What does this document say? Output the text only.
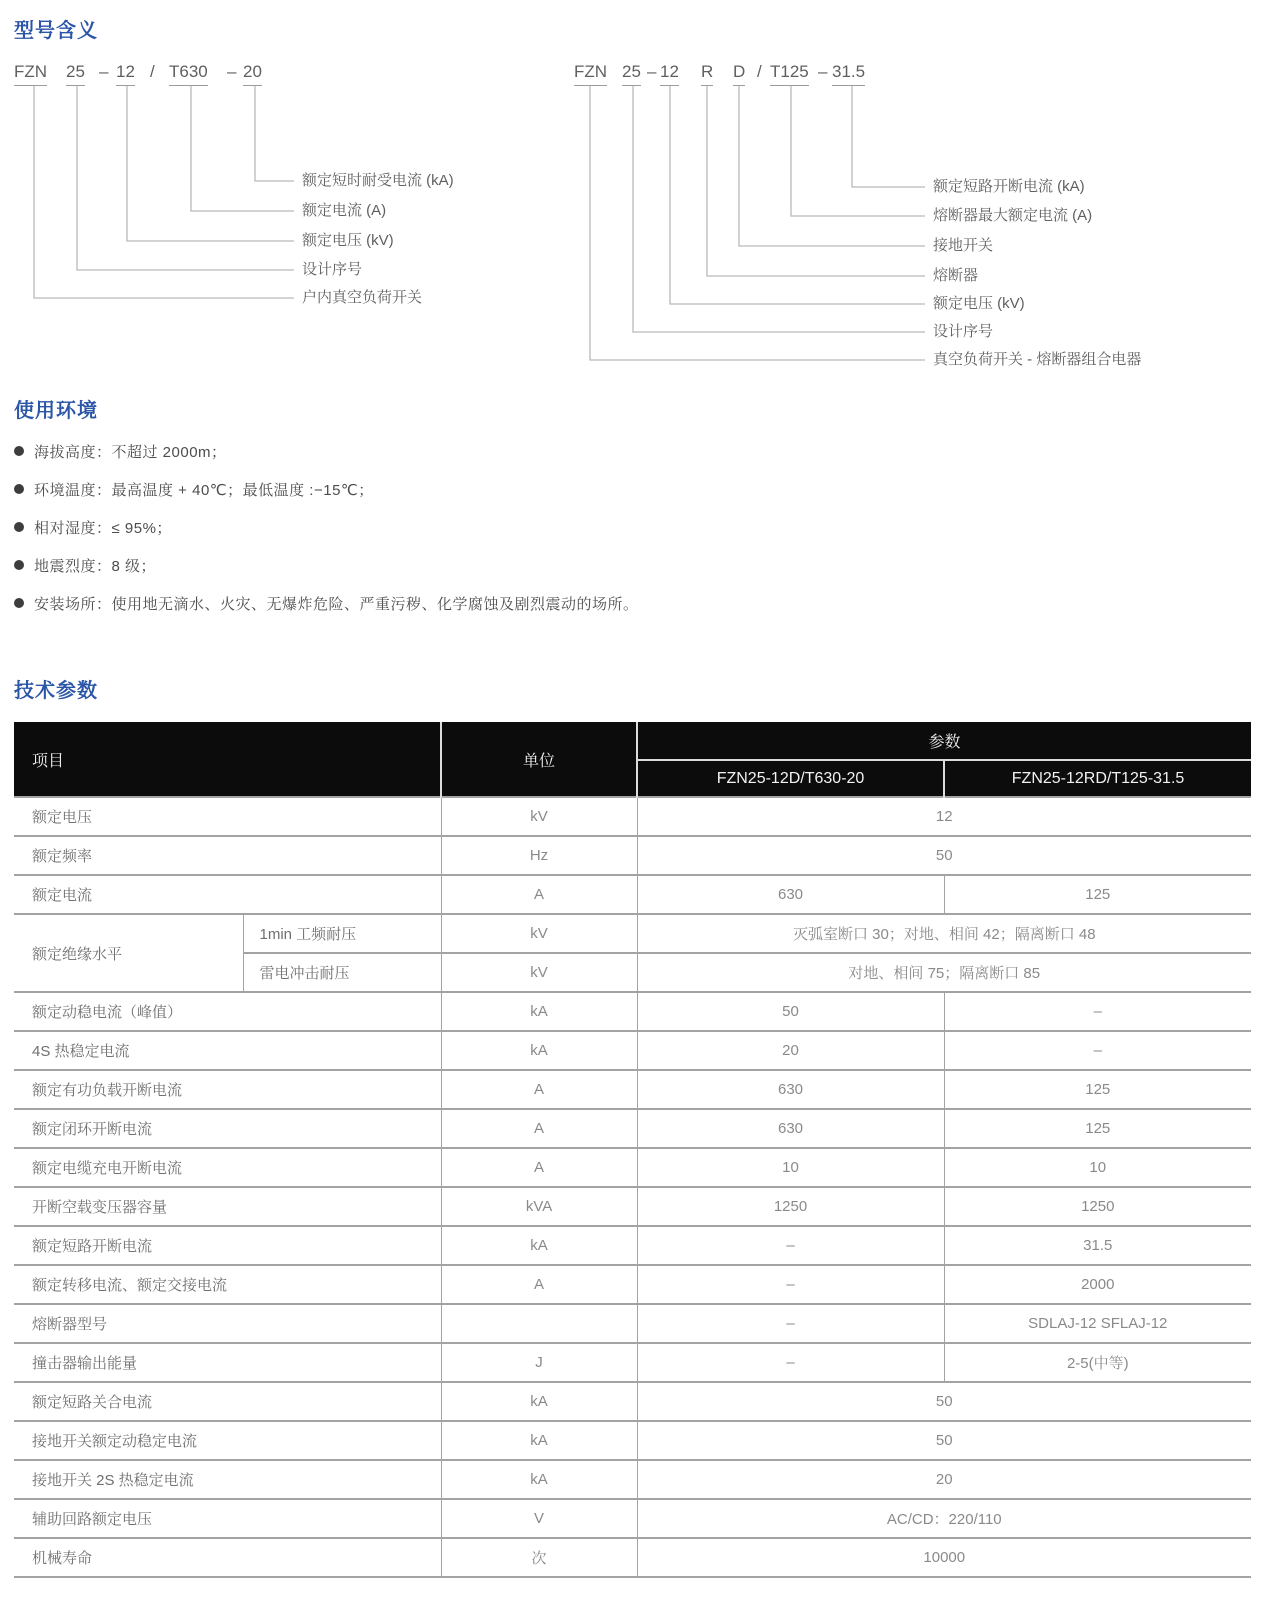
型号含义
FZN 25 – 12 / T630 – 20
额定短时耐受电流 (kA)
额定电流 (A)
额定电压 (kV)
设计序号
户内真空负荷开关
FZN 25 – 12 R D / T125 – 31.5
额定短路开断电流 (kA)
熔断器最大额定电流 (A)
接地开关
熔断器
额定电压 (kV)
设计序号
真空负荷开关 - 熔断器组合电器
使用环境
海拔高度：不超过 2000m；
环境温度：最高温度 + 40℃；最低温度 :−15℃；
相对湿度：≤ 95%；
地震烈度：8 级；
安装场所：使用地无滴水、火灾、无爆炸危险、严重污秽、化学腐蚀及剧烈震动的场所。
技术参数
项目		单位	参数	
			FZN25-12D/T630-20	FZN25-12RD/T125-31.5
额定电压		kV	12	
额定频率		Hz	50	
额定电流		A	630	125
额定绝缘水平	1min 工频耐压	kV	灭弧室断口 30；对地、相间 42；隔离断口 48	
	雷电冲击耐压	kV	对地、相间 75；隔离断口 85	
额定动稳电流（峰值）		kA	50	–
4S 热稳定电流		kA	20	–
额定有功负载开断电流		A	630	125
额定闭环开断电流		A	630	125
额定电缆充电开断电流		A	10	10
开断空载变压器容量		kVA	1250	1250
额定短路开断电流		kA	–	31.5
额定转移电流、额定交接电流		A	–	2000
熔断器型号			–	SDLAJ-12 SFLAJ-12
撞击器输出能量		J	–	2-5(中等)
额定短路关合电流		kA	50	
接地开关额定动稳定电流		kA	50	
接地开关 2S 热稳定电流		kA	20	
辅助回路额定电压		V	AC/CD：220/110	
机械寿命		次	10000	
